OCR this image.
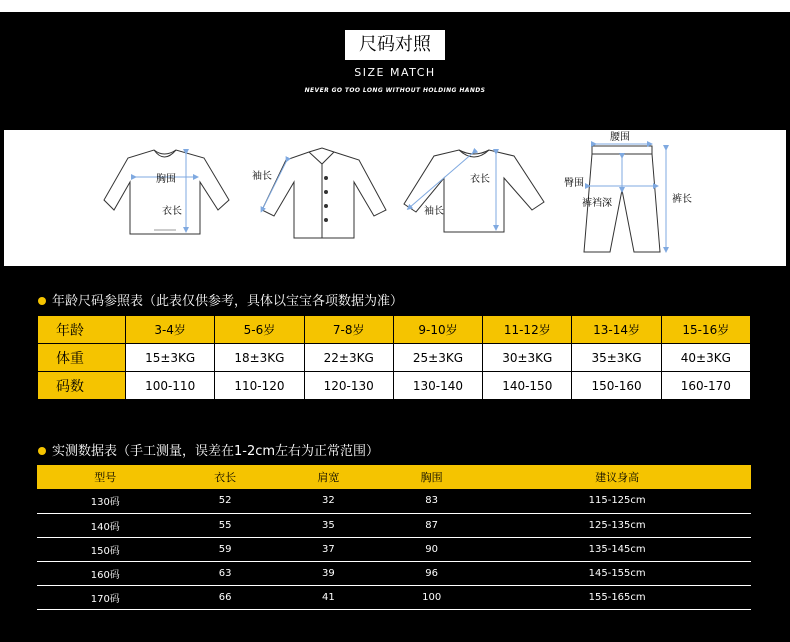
尺码对照
SIZE MATCH
NEVER GO TOO LONG WITHOUT HOLDING HANDS
胸围
衣长
袖长	衣长
袖长
腰围
臀围
裤裆深	裤长
年龄尺码参照表（此表仅供参考，具体以宝宝各项数据为准）
年龄	3-4岁	5-6岁	7-8岁	9-10岁	11-12岁	13-14岁	15-16岁
体重	15±3KG	18±3KG	22±3KG	25±3KG	30±3KG	35±3KG	40±3KG
码数	100-110	110-120	120-130	130-140	140-150	150-160	160-170
实测数据表（手工测量，误差在1-2cm左右为正常范围）
型号	衣长	肩宽	胸围	建议身高
130码	52	32	83	115-125cm
140码	55	35	87	125-135cm
150码	59	37	90	135-145cm
160码	63	39	96	145-155cm
170码	66	41	100	155-165cm
